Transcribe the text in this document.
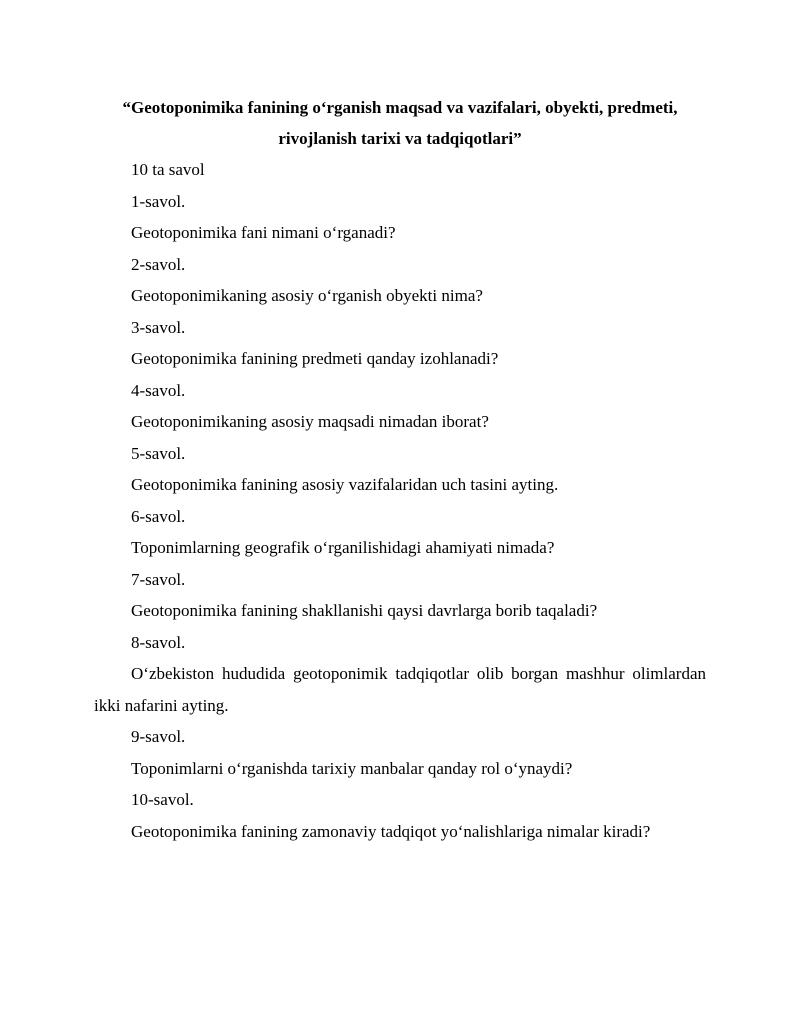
“Geotoponimika fanining o‘rganish maqsad va vazifalari, obyekti, predmeti,
rivojlanish tarixi va tadqiqotlari”

10 ta savol

1-savol.

Geotoponimika fani nimani o‘rganadi?

2-savol.

Geotoponimikaning asosiy o‘rganish obyekti nima?

3-savol.

Geotoponimika fanining predmeti qanday izohlanadi?

4-savol.

Geotoponimikaning asosiy maqsadi nimadan iborat?

5-savol.

Geotoponimika fanining asosiy vazifalaridan uch tasini ayting.

6-savol.

Toponimlarning geografik o‘rganilishidagi ahamiyati nimada?

7-savol.

Geotoponimika fanining shakllanishi qaysi davrlarga borib taqaladi?

8-savol.

O‘zbekiston hududida geotoponimik tadqiqotlar olib borgan mashhur olimlardan ikki nafarini ayting.

9-savol.

Toponimlarni o‘rganishda tarixiy manbalar qanday rol o‘ynaydi?

10-savol.

Geotoponimika fanining zamonaviy tadqiqot yo‘nalishlariga nimalar kiradi?
